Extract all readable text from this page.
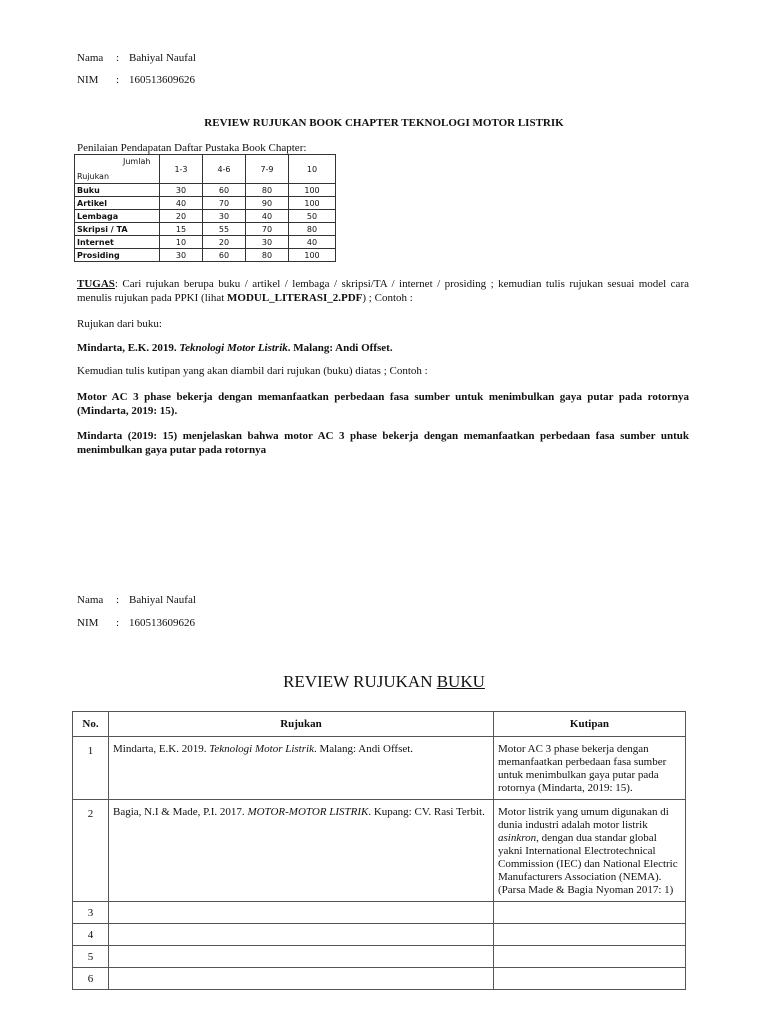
Nama : Bahiyal Naufal
NIM : 160513609626
REVIEW RUJUKAN BOOK CHAPTER TEKNOLOGI MOTOR LISTRIK
Penilaian Pendapatan Daftar Pustaka Book Chapter:
Jumlah
Rujukan	1-3	4-6	7-9	10
Buku	30	60	80	100
Artikel	40	70	90	100
Lembaga	20	30	40	50
Skripsi / TA	15	55	70	80
Internet	10	20	30	40
Prosiding	30	60	80	100
TUGAS: Cari rujukan berupa buku / artikel / lembaga / skripsi/TA / internet / prosiding ; kemudian tulis rujukan sesuai model cara menulis rujukan pada PPKI (lihat MODUL_LITERASI_2.PDF) ; Contoh :
Rujukan dari buku:
Mindarta, E.K. 2019. Teknologi Motor Listrik. Malang: Andi Offset.
Kemudian tulis kutipan yang akan diambil dari rujukan (buku) diatas ; Contoh :
Motor AC 3 phase bekerja dengan memanfaatkan perbedaan fasa sumber untuk menimbulkan gaya putar pada rotornya (Mindarta, 2019: 15).
Mindarta (2019: 15) menjelaskan bahwa motor AC 3 phase bekerja dengan memanfaatkan perbedaan fasa sumber untuk menimbulkan gaya putar pada rotornya
Nama : Bahiyal Naufal
NIM : 160513609626
REVIEW RUJUKAN BUKU
No.	Rujukan	Kutipan
1	Mindarta, E.K. 2019. Teknologi Motor Listrik. Malang: Andi Offset.	Motor AC 3 phase bekerja dengan memanfaatkan perbedaan fasa sumber untuk menimbulkan gaya putar pada rotornya (Mindarta, 2019: 15).
2	Bagia, N.I & Made, P.I. 2017. MOTOR-MOTOR LISTRIK. Kupang: CV. Rasi Terbit.	Motor listrik yang umum digunakan di dunia industri adalah motor listrik asinkron, dengan dua standar global yakni International Electrotechnical Commission (IEC) dan National Electric Manufacturers Association (NEMA). (Parsa Made & Bagia Nyoman 2017: 1)
3		
4		
5		
6		
